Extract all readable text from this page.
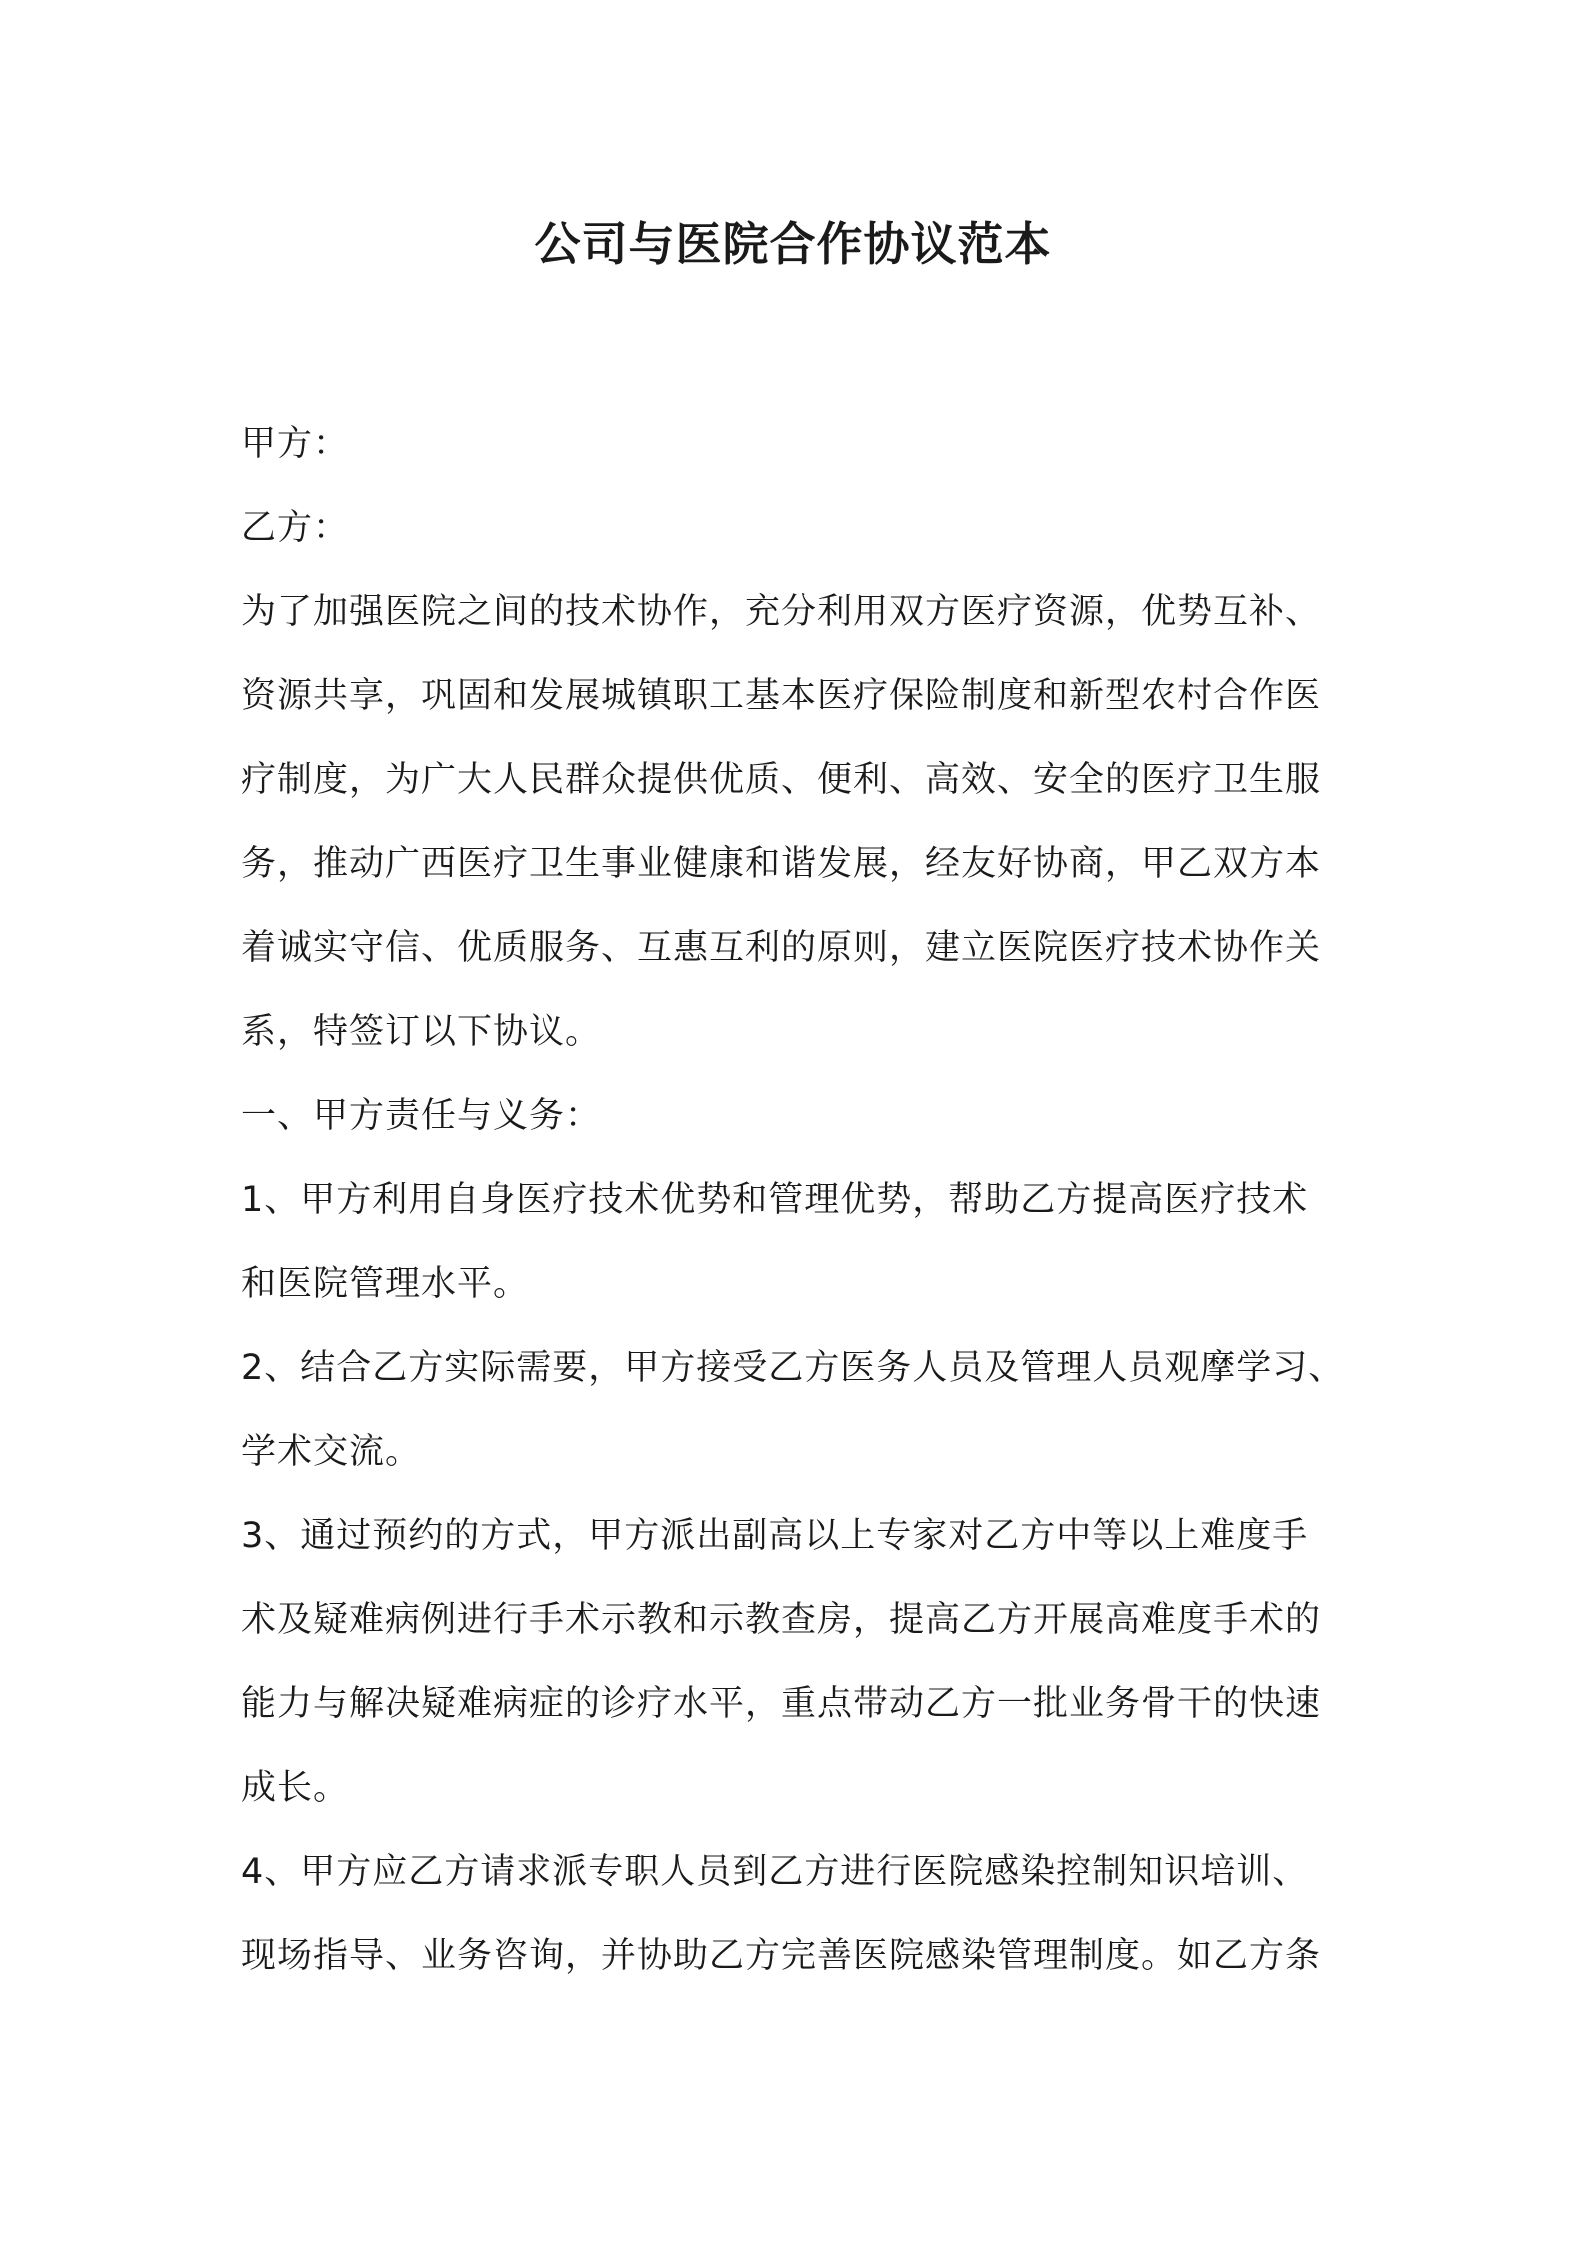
公司与医院合作协议范本

甲方：

乙方：

为了加强医院之间的技术协作，充分利用双方医疗资源，优势互补、

资源共享，巩固和发展城镇职工基本医疗保险制度和新型农村合作医

疗制度，为广大人民群众提供优质、便利、高效、安全的医疗卫生服

务，推动广西医疗卫生事业健康和谐发展，经友好协商，甲乙双方本

着诚实守信、优质服务、互惠互利的原则，建立医院医疗技术协作关

系，特签订以下协议。

一、甲方责任与义务：

1、甲方利用自身医疗技术优势和管理优势，帮助乙方提高医疗技术

和医院管理水平。

2、结合乙方实际需要，甲方接受乙方医务人员及管理人员观摩学习、

学术交流。

3、通过预约的方式，甲方派出副高以上专家对乙方中等以上难度手

术及疑难病例进行手术示教和示教查房，提高乙方开展高难度手术的

能力与解决疑难病症的诊疗水平，重点带动乙方一批业务骨干的快速

成长。

4、甲方应乙方请求派专职人员到乙方进行医院感染控制知识培训、

现场指导、业务咨询，并协助乙方完善医院感染管理制度。如乙方条
